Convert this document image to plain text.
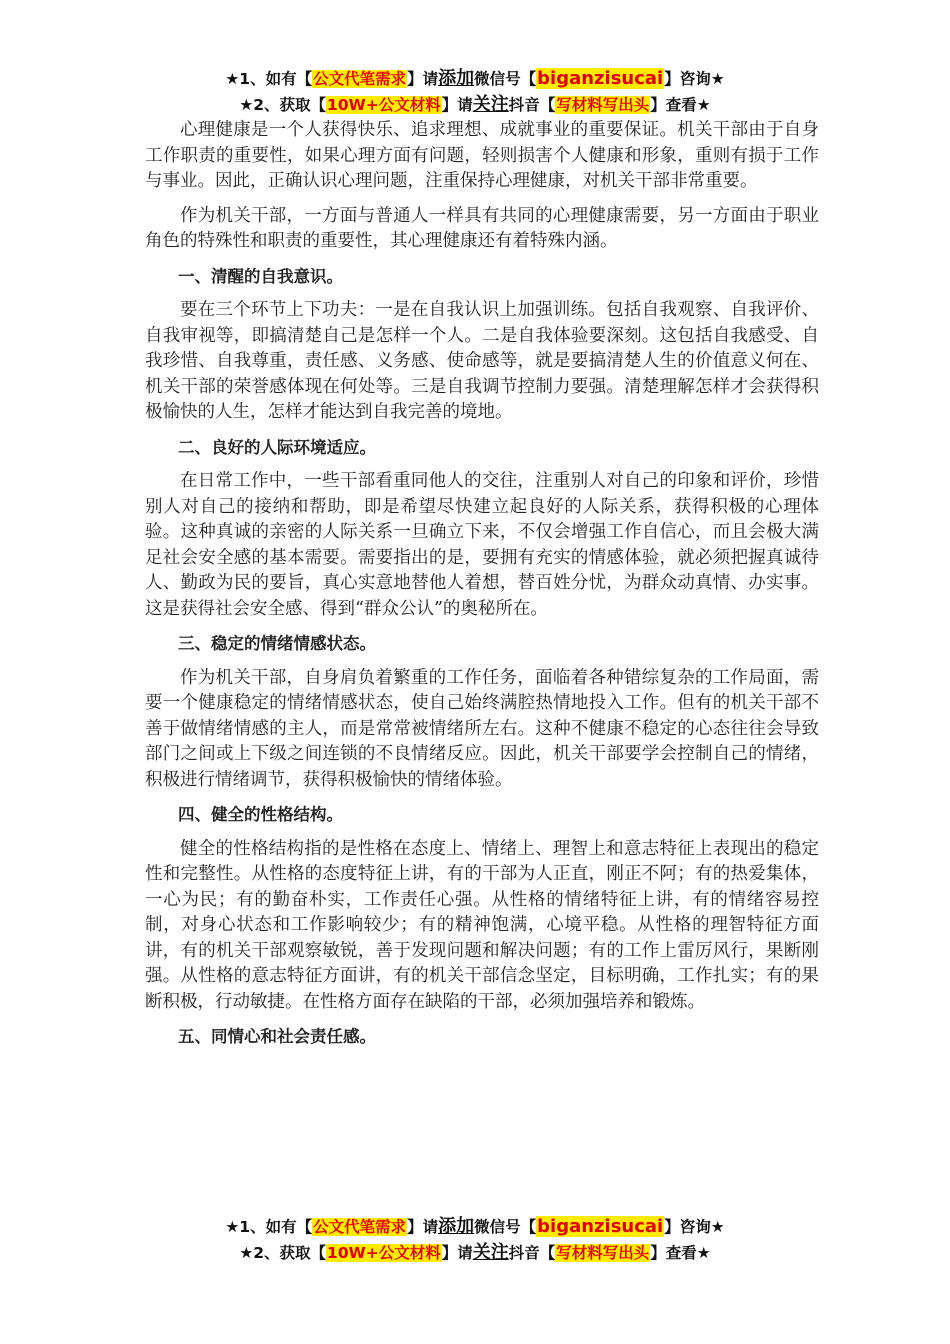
★1、如有【公文代笔需求】请添加微信号【biganzisucai】咨询★
★2、获取【10W+公文材料】请关注抖音【写材料写出头】查看★

心理健康是一个人获得快乐、追求理想、成就事业的重要保证。机关干部由于自身工作职责的重要性，如果心理方面有问题，轻则损害个人健康和形象，重则有损于工作与事业。因此，正确认识心理问题，注重保持心理健康，对机关干部非常重要。

作为机关干部，一方面与普通人一样具有共同的心理健康需要，另一方面由于职业角色的特殊性和职责的重要性，其心理健康还有着特殊内涵。

一、清醒的自我意识。

要在三个环节上下功夫：一是在自我认识上加强训练。包括自我观察、自我评价、自我审视等，即搞清楚自己是怎样一个人。二是自我体验要深刻。这包括自我感受、自我珍惜、自我尊重，责任感、义务感、使命感等，就是要搞清楚人生的价值意义何在、机关干部的荣誉感体现在何处等。三是自我调节控制力要强。清楚理解怎样才会获得积极愉快的人生，怎样才能达到自我完善的境地。

二、良好的人际环境适应。

在日常工作中，一些干部看重同他人的交往，注重别人对自己的印象和评价，珍惜别人对自己的接纳和帮助，即是希望尽快建立起良好的人际关系，获得积极的心理体验。这种真诚的亲密的人际关系一旦确立下来，不仅会增强工作自信心，而且会极大满足社会安全感的基本需要。需要指出的是，要拥有充实的情感体验，就必须把握真诚待人、勤政为民的要旨，真心实意地替他人着想，替百姓分忧，为群众动真情、办实事。这是获得社会安全感、得到“群众公认”的奥秘所在。

三、稳定的情绪情感状态。

作为机关干部，自身肩负着繁重的工作任务，面临着各种错综复杂的工作局面，需要一个健康稳定的情绪情感状态，使自己始终满腔热情地投入工作。但有的机关干部不善于做情绪情感的主人，而是常常被情绪所左右。这种不健康不稳定的心态往往会导致部门之间或上下级之间连锁的不良情绪反应。因此，机关干部要学会控制自己的情绪，积极进行情绪调节，获得积极愉快的情绪体验。

四、健全的性格结构。

健全的性格结构指的是性格在态度上、情绪上、理智上和意志特征上表现出的稳定性和完整性。从性格的态度特征上讲，有的干部为人正直，刚正不阿；有的热爱集体，一心为民；有的勤奋朴实，工作责任心强。从性格的情绪特征上讲，有的情绪容易控制，对身心状态和工作影响较少；有的精神饱满，心境平稳。从性格的理智特征方面讲，有的机关干部观察敏锐，善于发现问题和解决问题；有的工作上雷厉风行，果断刚强。从性格的意志特征方面讲，有的机关干部信念坚定，目标明确，工作扎实；有的果断积极，行动敏捷。在性格方面存在缺陷的干部，必须加强培养和锻炼。

五、同情心和社会责任感。

★1、如有【公文代笔需求】请添加微信号【biganzisucai】咨询★
★2、获取【10W+公文材料】请关注抖音【写材料写出头】查看★
